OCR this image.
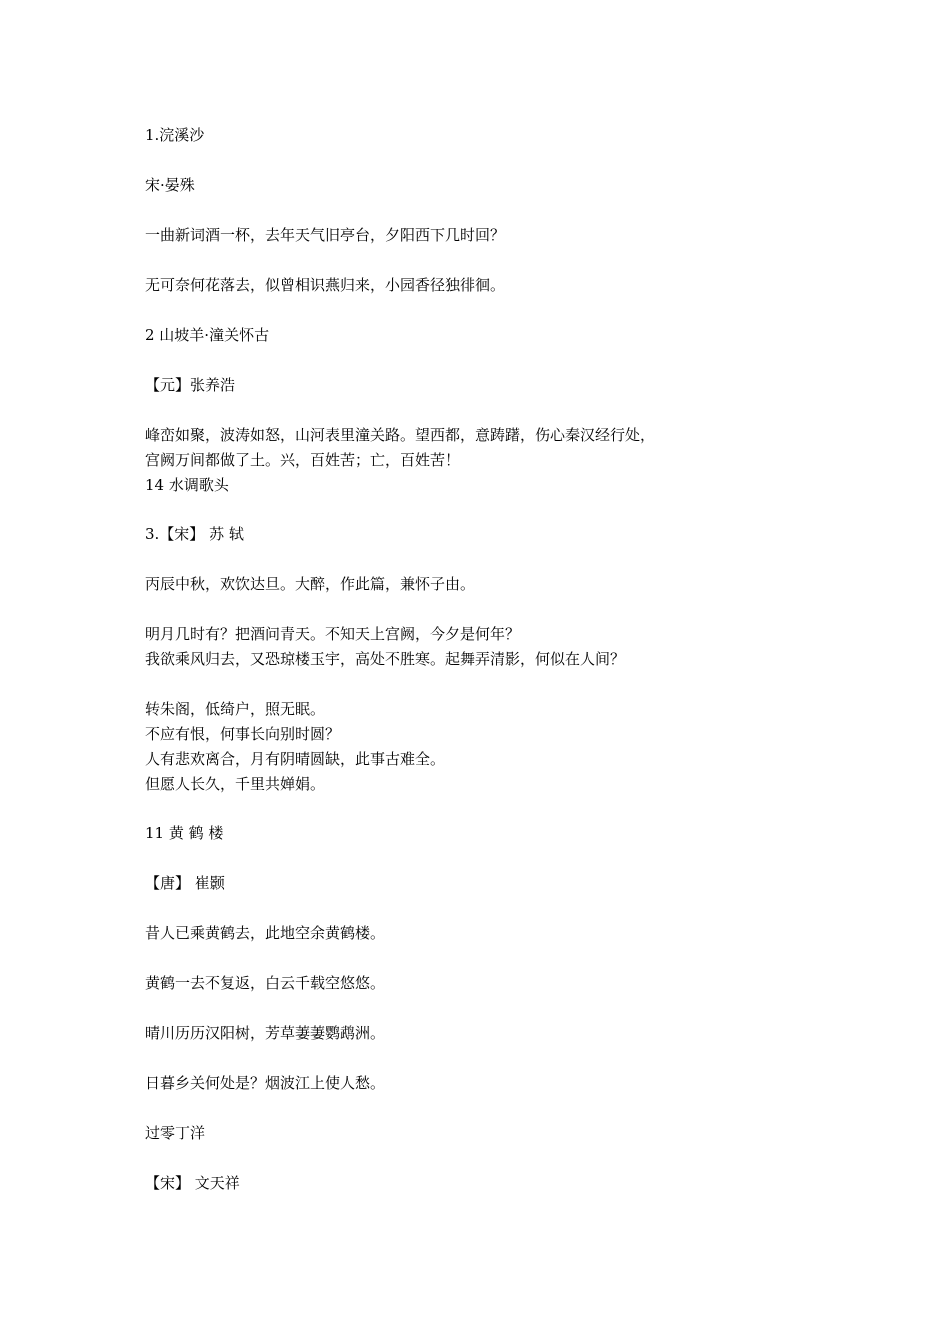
1.浣溪沙
宋·晏殊
一曲新词酒一杯，去年天气旧亭台，夕阳西下几时回？
无可奈何花落去，似曾相识燕归来，小园香径独徘徊。
2 山坡羊·潼关怀古
【元】张养浩
峰峦如聚，波涛如怒，山河表里潼关路。望西都，意踌躇，伤心秦汉经行处，
宫阙万间都做了土。兴，百姓苦；亡，百姓苦！
14 水调歌头
3.【宋】 苏 轼
丙辰中秋，欢饮达旦。大醉，作此篇，兼怀子由。
明月几时有？把酒问青天。不知天上宫阙，今夕是何年？
我欲乘风归去，又恐琼楼玉宇，高处不胜寒。起舞弄清影，何似在人间？
转朱阁，低绮户，照无眠。
不应有恨，何事长向别时圆？
人有悲欢离合，月有阴晴圆缺，此事古难全。
但愿人长久，千里共婵娟。
11 黄 鹤 楼
【唐】 崔颢
昔人已乘黄鹤去，此地空余黄鹤楼。
黄鹤一去不复返，白云千载空悠悠。
晴川历历汉阳树，芳草萋萋鹦鹉洲。
日暮乡关何处是？烟波江上使人愁。
过零丁洋
【宋】 文天祥
